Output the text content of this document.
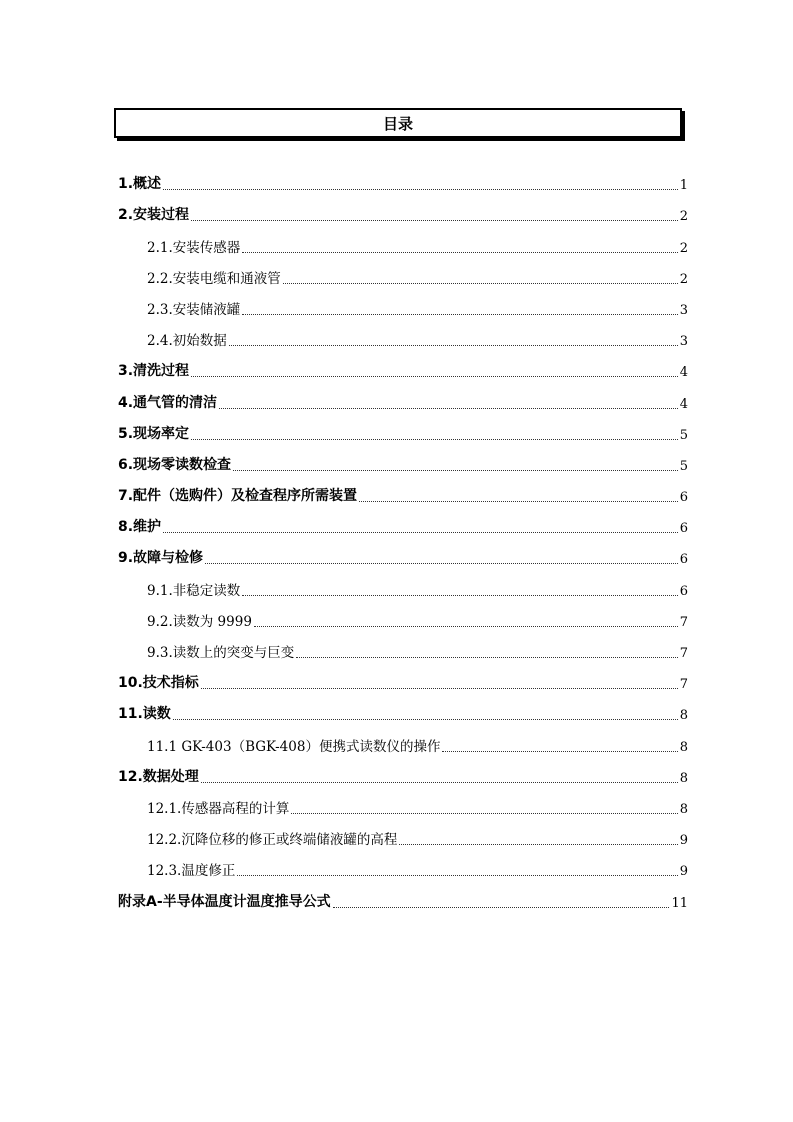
目录
1.概述	1
2.安装过程	2
2.1.安装传感器	2
2.2.安装电缆和通液管	2
2.3.安装储液罐	3
2.4.初始数据	3
3.清洗过程	4
4.通气管的清洁	4
5.现场率定	5
6.现场零读数检查	5
7.配件（选购件）及检查程序所需装置	6
8.维护	6
9.故障与检修	6
9.1.非稳定读数	6
9.2.读数为 9999	7
9.3.读数上的突变与巨变	7
10.技术指标	7
11.读数	8
11.1 GK-403（BGK-408）便携式读数仪的操作	8
12.数据处理	8
12.1.传感器高程的计算	8
12.2.沉降位移的修正或终端储液罐的高程	9
12.3.温度修正	9
附录A-半导体温度计温度推导公式	11
